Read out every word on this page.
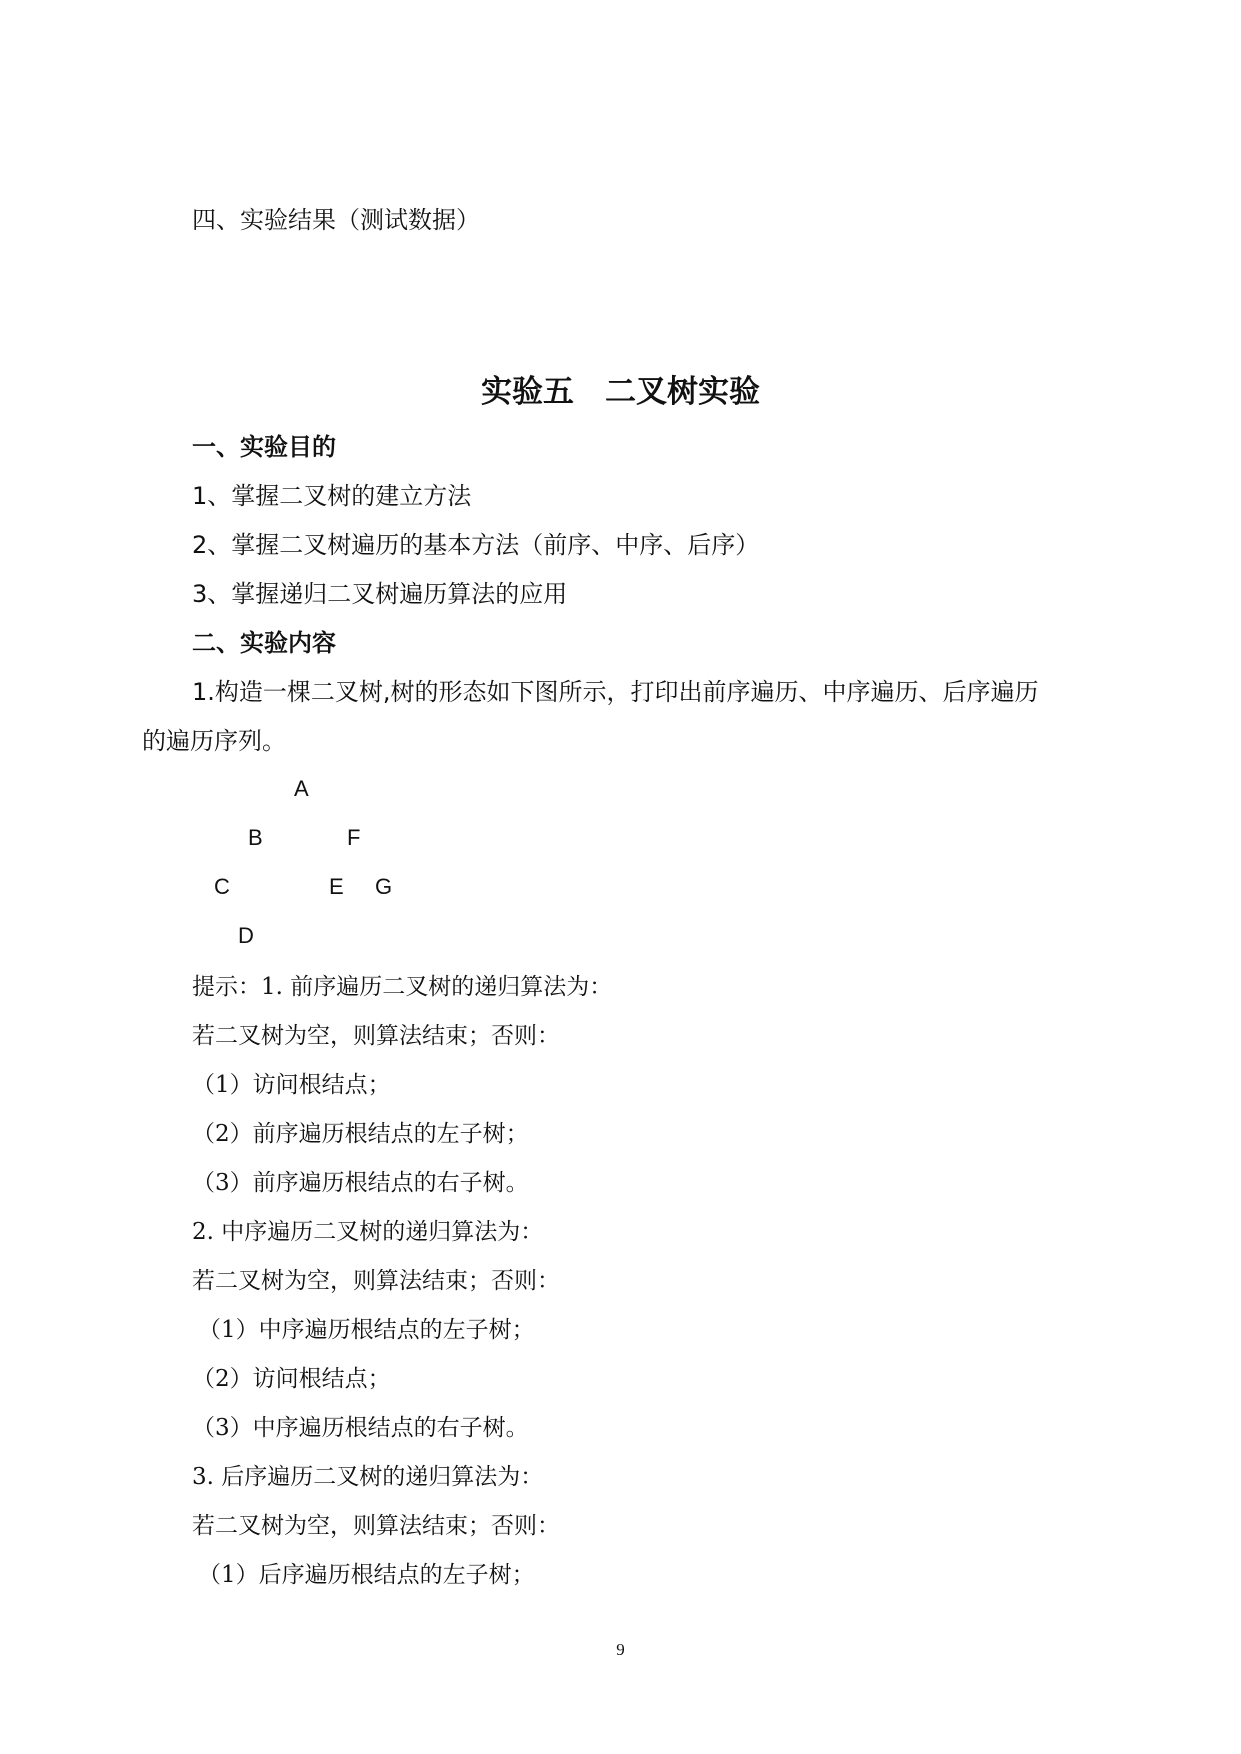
四、实验结果（测试数据）

实验五　二叉树实验

一、实验目的

1、掌握二叉树的建立方法

2、掌握二叉树遍历的基本方法（前序、中序、后序）

3、掌握递归二叉树遍历算法的应用

二、实验内容

1.构造一棵二叉树,树的形态如下图所示，打印出前序遍历、中序遍历、后序遍历

的遍历序列。

A
B	F
C	E G
D

提示：1. 前序遍历二叉树的递归算法为：

若二叉树为空，则算法结束；否则：

（1）访问根结点；

（2）前序遍历根结点的左子树；

（3）前序遍历根结点的右子树。

2. 中序遍历二叉树的递归算法为：

若二叉树为空，则算法结束；否则：

（1）中序遍历根结点的左子树；

（2）访问根结点；

（3）中序遍历根结点的右子树。

3. 后序遍历二叉树的递归算法为：

若二叉树为空，则算法结束；否则：

（1）后序遍历根结点的左子树；

9
